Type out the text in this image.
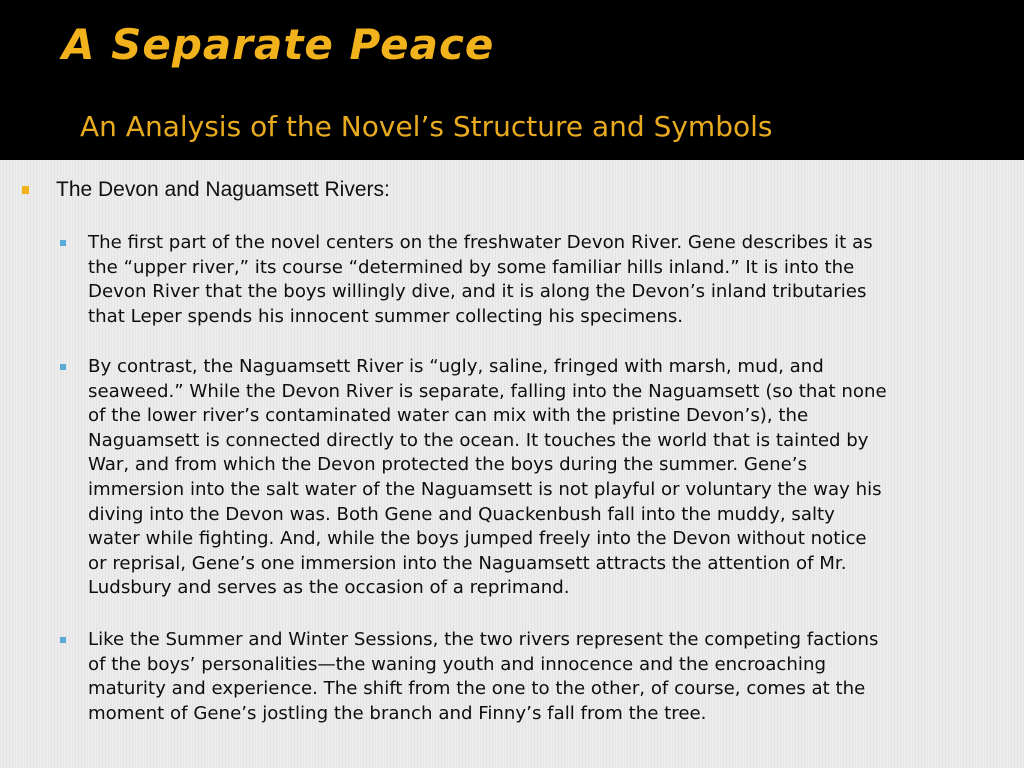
A Separate Peace
An Analysis of the Novel’s Structure and Symbols
The Devon and Naguamsett Rivers:
The first part of the novel centers on the freshwater Devon River. Gene describes it as
the “upper river,” its course “determined by some familiar hills inland.” It is into the
Devon River that the boys willingly dive, and it is along the Devon’s inland tributaries
that Leper spends his innocent summer collecting his specimens.
By contrast, the Naguamsett River is “ugly, saline, fringed with marsh, mud, and
seaweed.” While the Devon River is separate, falling into the Naguamsett (so that none
of the lower river’s contaminated water can mix with the pristine Devon’s), the
Naguamsett is connected directly to the ocean. It touches the world that is tainted by
War, and from which the Devon protected the boys during the summer. Gene’s
immersion into the salt water of the Naguamsett is not playful or voluntary the way his
diving into the Devon was. Both Gene and Quackenbush fall into the muddy, salty
water while fighting. And, while the boys jumped freely into the Devon without notice
or reprisal, Gene’s one immersion into the Naguamsett attracts the attention of Mr.
Ludsbury and serves as the occasion of a reprimand.
Like the Summer and Winter Sessions, the two rivers represent the competing factions
of the boys’ personalities—the waning youth and innocence and the encroaching
maturity and experience. The shift from the one to the other, of course, comes at the
moment of Gene’s jostling the branch and Finny’s fall from the tree.
